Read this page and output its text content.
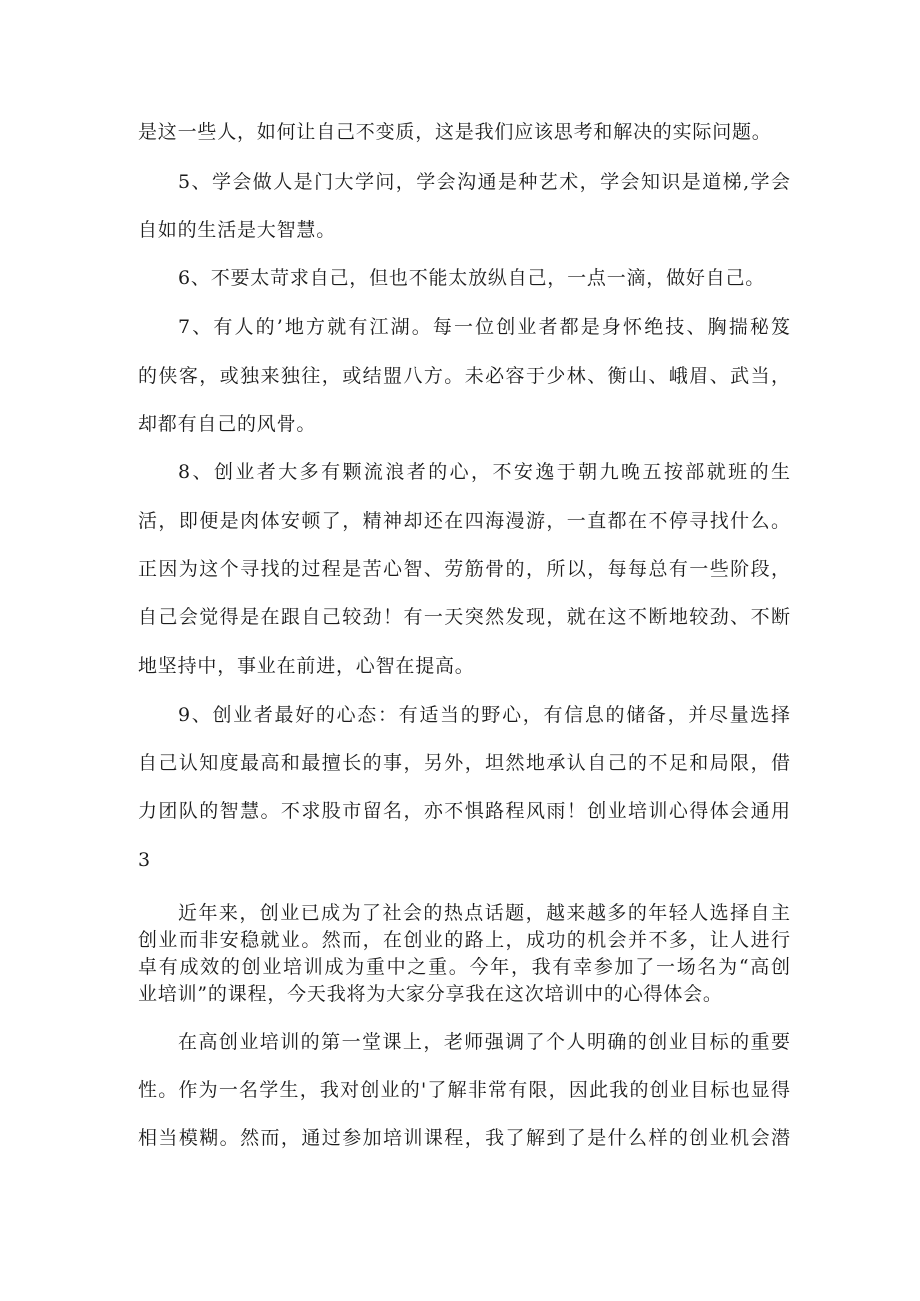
是这一些人，如何让自己不变质，这是我们应该思考和解决的实际问题。

5、学会做人是门大学问，学会沟通是种艺术，学会知识是道梯,学会

自如的生活是大智慧。

6、不要太苛求自己，但也不能太放纵自己，一点一滴，做好自己。

7、有人的’地方就有江湖。每一位创业者都是身怀绝技、胸揣秘笈

的侠客，或独来独往，或结盟八方。未必容于少林、衡山、峨眉、武当，

却都有自己的风骨。

8、创业者大多有颗流浪者的心，不安逸于朝九晚五按部就班的生

活，即便是肉体安顿了，精神却还在四海漫游，一直都在不停寻找什么。

正因为这个寻找的过程是苦心智、劳筋骨的，所以，每每总有一些阶段，

自己会觉得是在跟自己较劲！有一天突然发现，就在这不断地较劲、不断

地坚持中，事业在前进，心智在提高。

9、创业者最好的心态：有适当的野心，有信息的储备，并尽量选择

自己认知度最高和最擅长的事，另外，坦然地承认自己的不足和局限，借

力团队的智慧。不求股市留名，亦不惧路程风雨！创业培训心得体会通用

3

近年来，创业已成为了社会的热点话题，越来越多的年轻人选择自主
创业而非安稳就业。然而，在创业的路上，成功的机会并不多，让人进行
卓有成效的创业培训成为重中之重。今年，我有幸参加了一场名为“高创
业培训”的课程，今天我将为大家分享我在这次培训中的心得体会。

在高创业培训的第一堂课上，老师强调了个人明确的创业目标的重要

性。作为一名学生，我对创业的'了解非常有限，因此我的创业目标也显得

相当模糊。然而，通过参加培训课程，我了解到了是什么样的创业机会潜
